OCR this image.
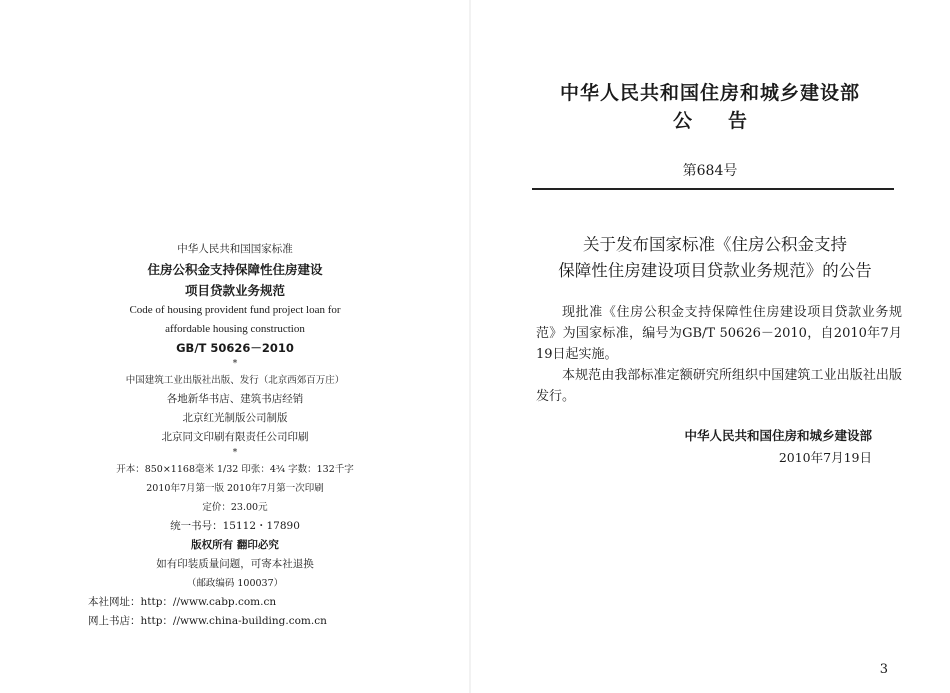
中华人民共和国国家标准
住房公积金支持保障性住房建设
项目贷款业务规范
Code of housing provident fund project loan for
affordable housing construction
GB/T 50626－2010
*
中国建筑工业出版社出版、发行（北京西郊百万庄）
各地新华书店、建筑书店经销
北京红光制版公司制版
北京同文印刷有限责任公司印刷
*
开本：850×1168毫米 1/32 印张：4¾ 字数：132千字
2010年7月第一版 2010年7月第一次印刷
定价：23.00元
统一书号：15112・17890
版权所有 翻印必究
如有印装质量问题，可寄本社退换
（邮政编码 100037）
本社网址：http：//www.cabp.com.cn
网上书店：http：//www.china-building.com.cn
中华人民共和国住房和城乡建设部
公告
第684号
关于发布国家标准《住房公积金支持
保障性住房建设项目贷款业务规范》的公告

现批准《住房公积金支持保障性住房建设项目贷款业务规范》为国家标准，编号为GB/T 50626－2010，自2010年7月19日起实施。

本规范由我部标准定额研究所组织中国建筑工业出版社出版发行。

中华人民共和国住房和城乡建设部
2010年7月19日
3
